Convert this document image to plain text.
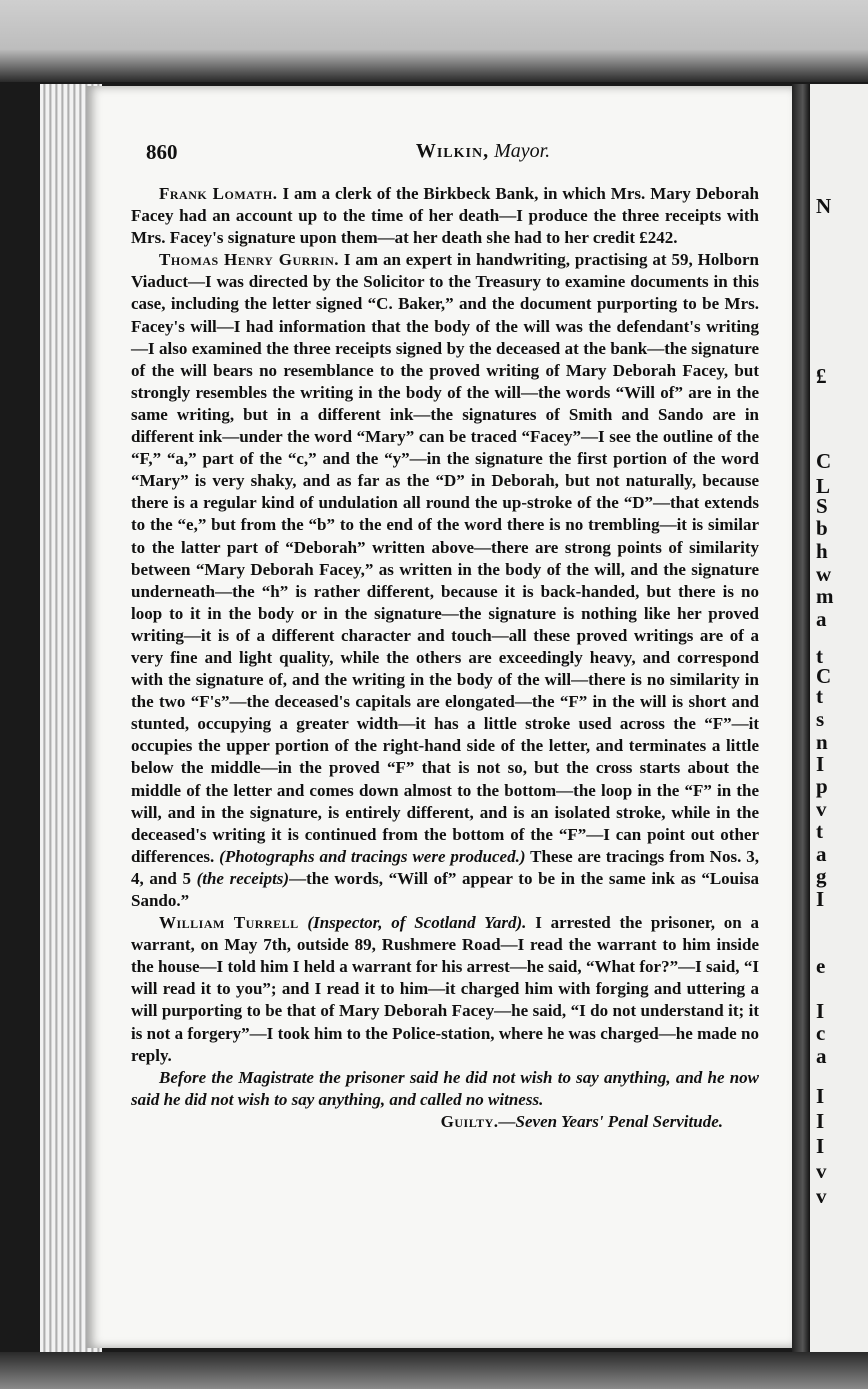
N
£
C
L
S
b
h
w
m
a
t
C
t
s
n
I
p
v
t
a
g
I
e
I
c
a
I
I
I
v
v
860	Wilkin, Mayor.

Frank Lomath. I am a clerk of the Birkbeck Bank, in which Mrs. Mary Deborah Facey had an account up to the time of her death—I produce the three receipts with Mrs. Facey's signature upon them—at her death she had to her credit £242.

Thomas Henry Gurrin. I am an expert in handwriting, practising at 59, Holborn Viaduct—I was directed by the Solicitor to the Treasury to examine documents in this case, including the letter signed “C. Baker,” and the document purporting to be Mrs. Facey's will—I had information that the body of the will was the defendant's writing—I also examined the three receipts signed by the deceased at the bank—the signature of the will bears no resemblance to the proved writing of Mary Deborah Facey, but strongly resembles the writing in the body of the will—the words “Will of” are in the same writing, but in a different ink—the signatures of Smith and Sando are in different ink—under the word “Mary” can be traced “Facey”—I see the outline of the “F,” “a,” part of the “c,” and the “y”—in the signature the first portion of the word “Mary” is very shaky, and as far as the “D” in Deborah, but not naturally, because there is a regular kind of undulation all round the up-stroke of the “D”—that extends to the “e,” but from the “b” to the end of the word there is no trembling—it is similar to the latter part of “Deborah” written above—there are strong points of similarity between “Mary Deborah Facey,” as written in the body of the will, and the signature underneath—the “h” is rather different, because it is back-handed, but there is no loop to it in the body or in the signature—the signature is nothing like her proved writing—it is of a different character and touch—all these proved writings are of a very fine and light quality, while the others are exceedingly heavy, and correspond with the signature of, and the writing in the body of the will—there is no similarity in the two “F's”—the deceased's capitals are elongated—the “F” in the will is short and stunted, occupying a greater width—it has a little stroke used across the “F”—it occupies the upper portion of the right-hand side of the letter, and terminates a little below the middle—in the proved “F” that is not so, but the cross starts about the middle of the letter and comes down almost to the bottom—the loop in the “F” in the will, and in the signature, is entirely different, and is an isolated stroke, while in the deceased's writing it is continued from the bottom of the “F”—I can point out other differences. (Photographs and tracings were produced.) These are tracings from Nos. 3, 4, and 5 (the receipts)—the words, “Will of” appear to be in the same ink as “Louisa Sando.”

William Turrell (Inspector, of Scotland Yard). I arrested the prisoner, on a warrant, on May 7th, outside 89, Rushmere Road—I read the warrant to him inside the house—I told him I held a warrant for his arrest—he said, “What for?”—I said, “I will read it to you”; and I read it to him—it charged him with forging and uttering a will purporting to be that of Mary Deborah Facey—he said, “I do not understand it; it is not a forgery”—I took him to the Police-station, where he was charged—he made no reply.

Before the Magistrate the prisoner said he did not wish to say anything, and he now said he did not wish to say anything, and called no witness.

Guilty.—Seven Years' Penal Servitude.
